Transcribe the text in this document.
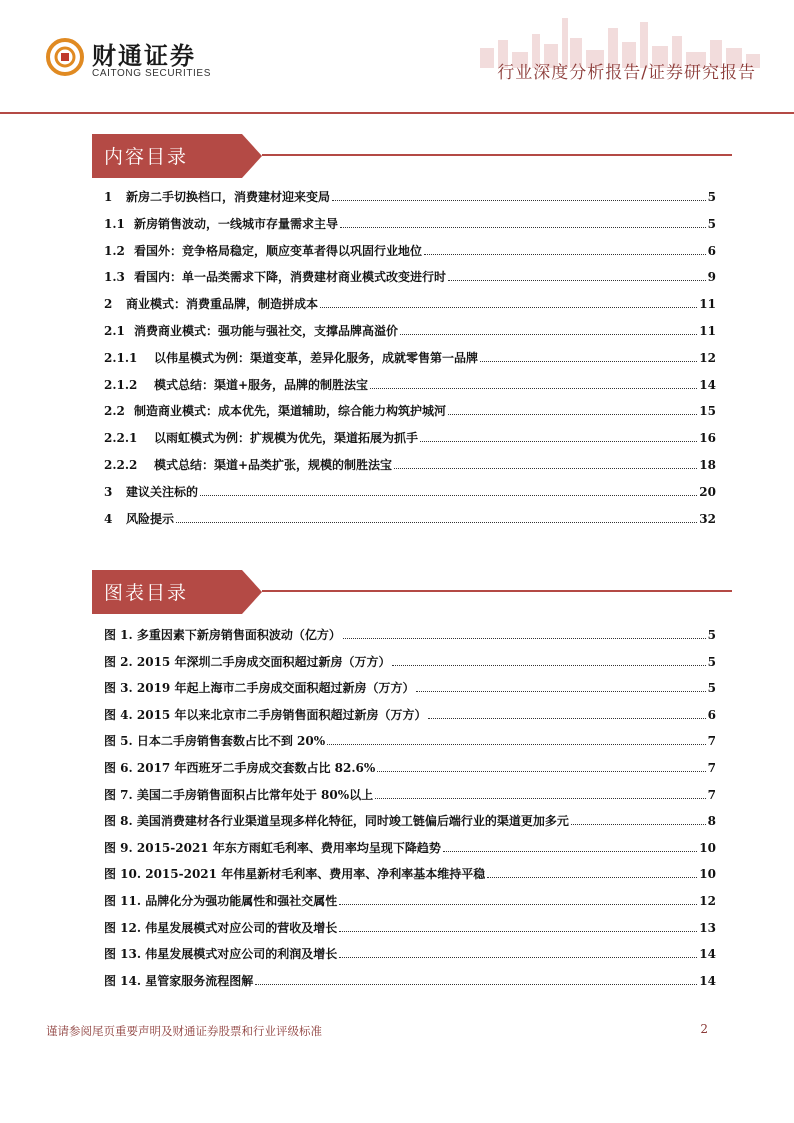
财通证券
CAITONG SECURITIES	行业深度分析报告/证券研究报告
内容目录
1	新房二手切换档口，消费建材迎来变局	5
1.1 新房销售波动，一线城市存量需求主导	5
1.2 看国外：竞争格局稳定，顺应变革者得以巩固行业地位	6
1.3 看国内：单一品类需求下降，消费建材商业模式改变进行时	9
2	商业模式：消费重品牌，制造拼成本	11
2.1 消费商业模式：强功能与强社交，支撑品牌高溢价	11
2.1.1	以伟星模式为例：渠道变革，差异化服务，成就零售第一品牌	12
2.1.2	模式总结：渠道+服务，品牌的制胜法宝	14
2.2 制造商业模式：成本优先，渠道辅助，综合能力构筑护城河	15
2.2.1	以雨虹模式为例：扩规模为优先，渠道拓展为抓手	16
2.2.2	模式总结：渠道+品类扩张，规模的制胜法宝	18
3	建议关注标的	20
4	风险提示	32
图表目录
图 1. 多重因素下新房销售面积波动（亿方）	5
图 2. 2015 年深圳二手房成交面积超过新房（万方）	5
图 3. 2019 年起上海市二手房成交面积超过新房（万方）	5
图 4. 2015 年以来北京市二手房销售面积超过新房（万方）	6
图 5. 日本二手房销售套数占比不到 20%	7
图 6. 2017 年西班牙二手房成交套数占比 82.6%	7
图 7. 美国二手房销售面积占比常年处于 80%以上	7
图 8. 美国消费建材各行业渠道呈现多样化特征，同时竣工链偏后端行业的渠道更加多元	8
图 9. 2015-2021 年东方雨虹毛利率、费用率均呈现下降趋势	10
图 10. 2015-2021 年伟星新材毛利率、费用率、净利率基本维持平稳	10
图 11. 品牌化分为强功能属性和强社交属性	12
图 12. 伟星发展模式对应公司的营收及增长	13
图 13. 伟星发展模式对应公司的利润及增长	14
图 14. 星管家服务流程图解	14
谨请参阅尾页重要声明及财通证券股票和行业评级标准	2
